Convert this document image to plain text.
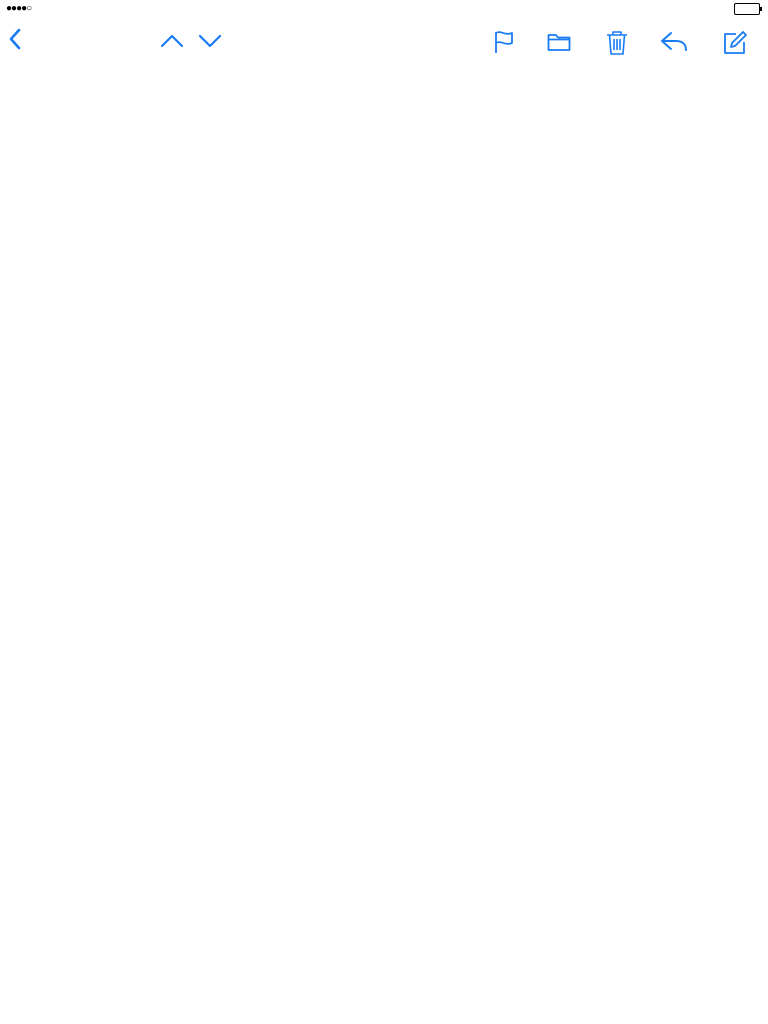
●●●●○
